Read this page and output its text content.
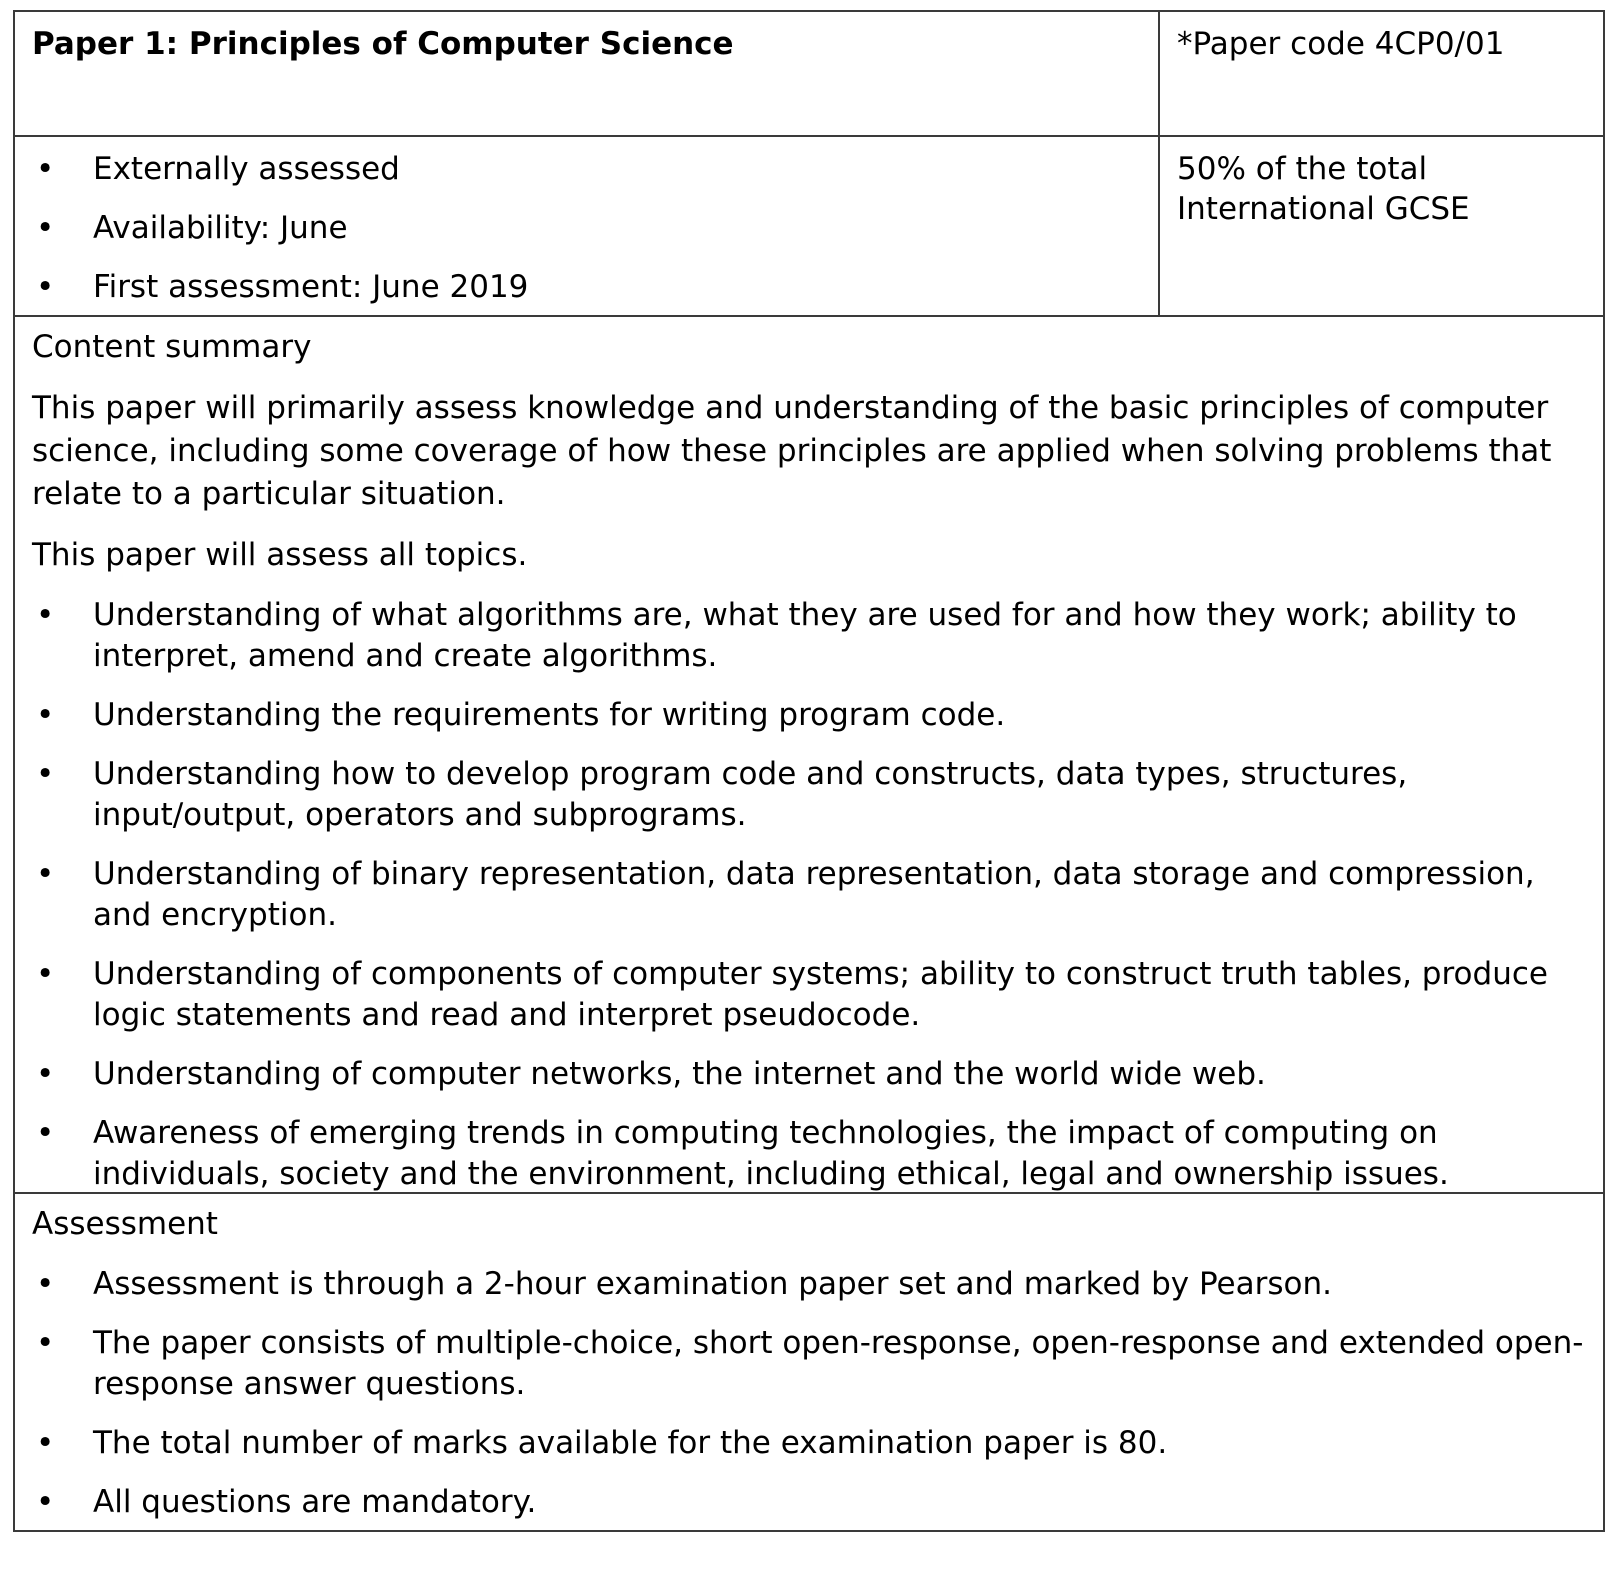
Paper 1: Principles of Computer Science	*Paper code 4CP0/01

• Externally assessed
• Availability: June
• First assessment: June 2019

50% of the total

International GCSE

Content summary

This paper will primarily assess knowledge and understanding of the basic principles of computer science, including some coverage of how these principles are applied when solving problems that relate to a particular situation.

This paper will assess all topics.

• Understanding of what algorithms are, what they are used for and how they work; ability to interpret, amend and create algorithms.
• Understanding the requirements for writing program code.
• Understanding how to develop program code and constructs, data types, structures, input/output, operators and subprograms.
• Understanding of binary representation, data representation, data storage and compression, and encryption.
• Understanding of components of computer systems; ability to construct truth tables, produce logic statements and read and interpret pseudocode.
• Understanding of computer networks, the internet and the world wide web.
• Awareness of emerging trends in computing technologies, the impact of computing on individuals, society and the environment, including ethical, legal and ownership issues.

Assessment

• Assessment is through a 2-hour examination paper set and marked by Pearson.
• The paper consists of multiple-choice, short open-response, open-response and extended open-response answer questions.
• The total number of marks available for the examination paper is 80.
• All questions are mandatory.
